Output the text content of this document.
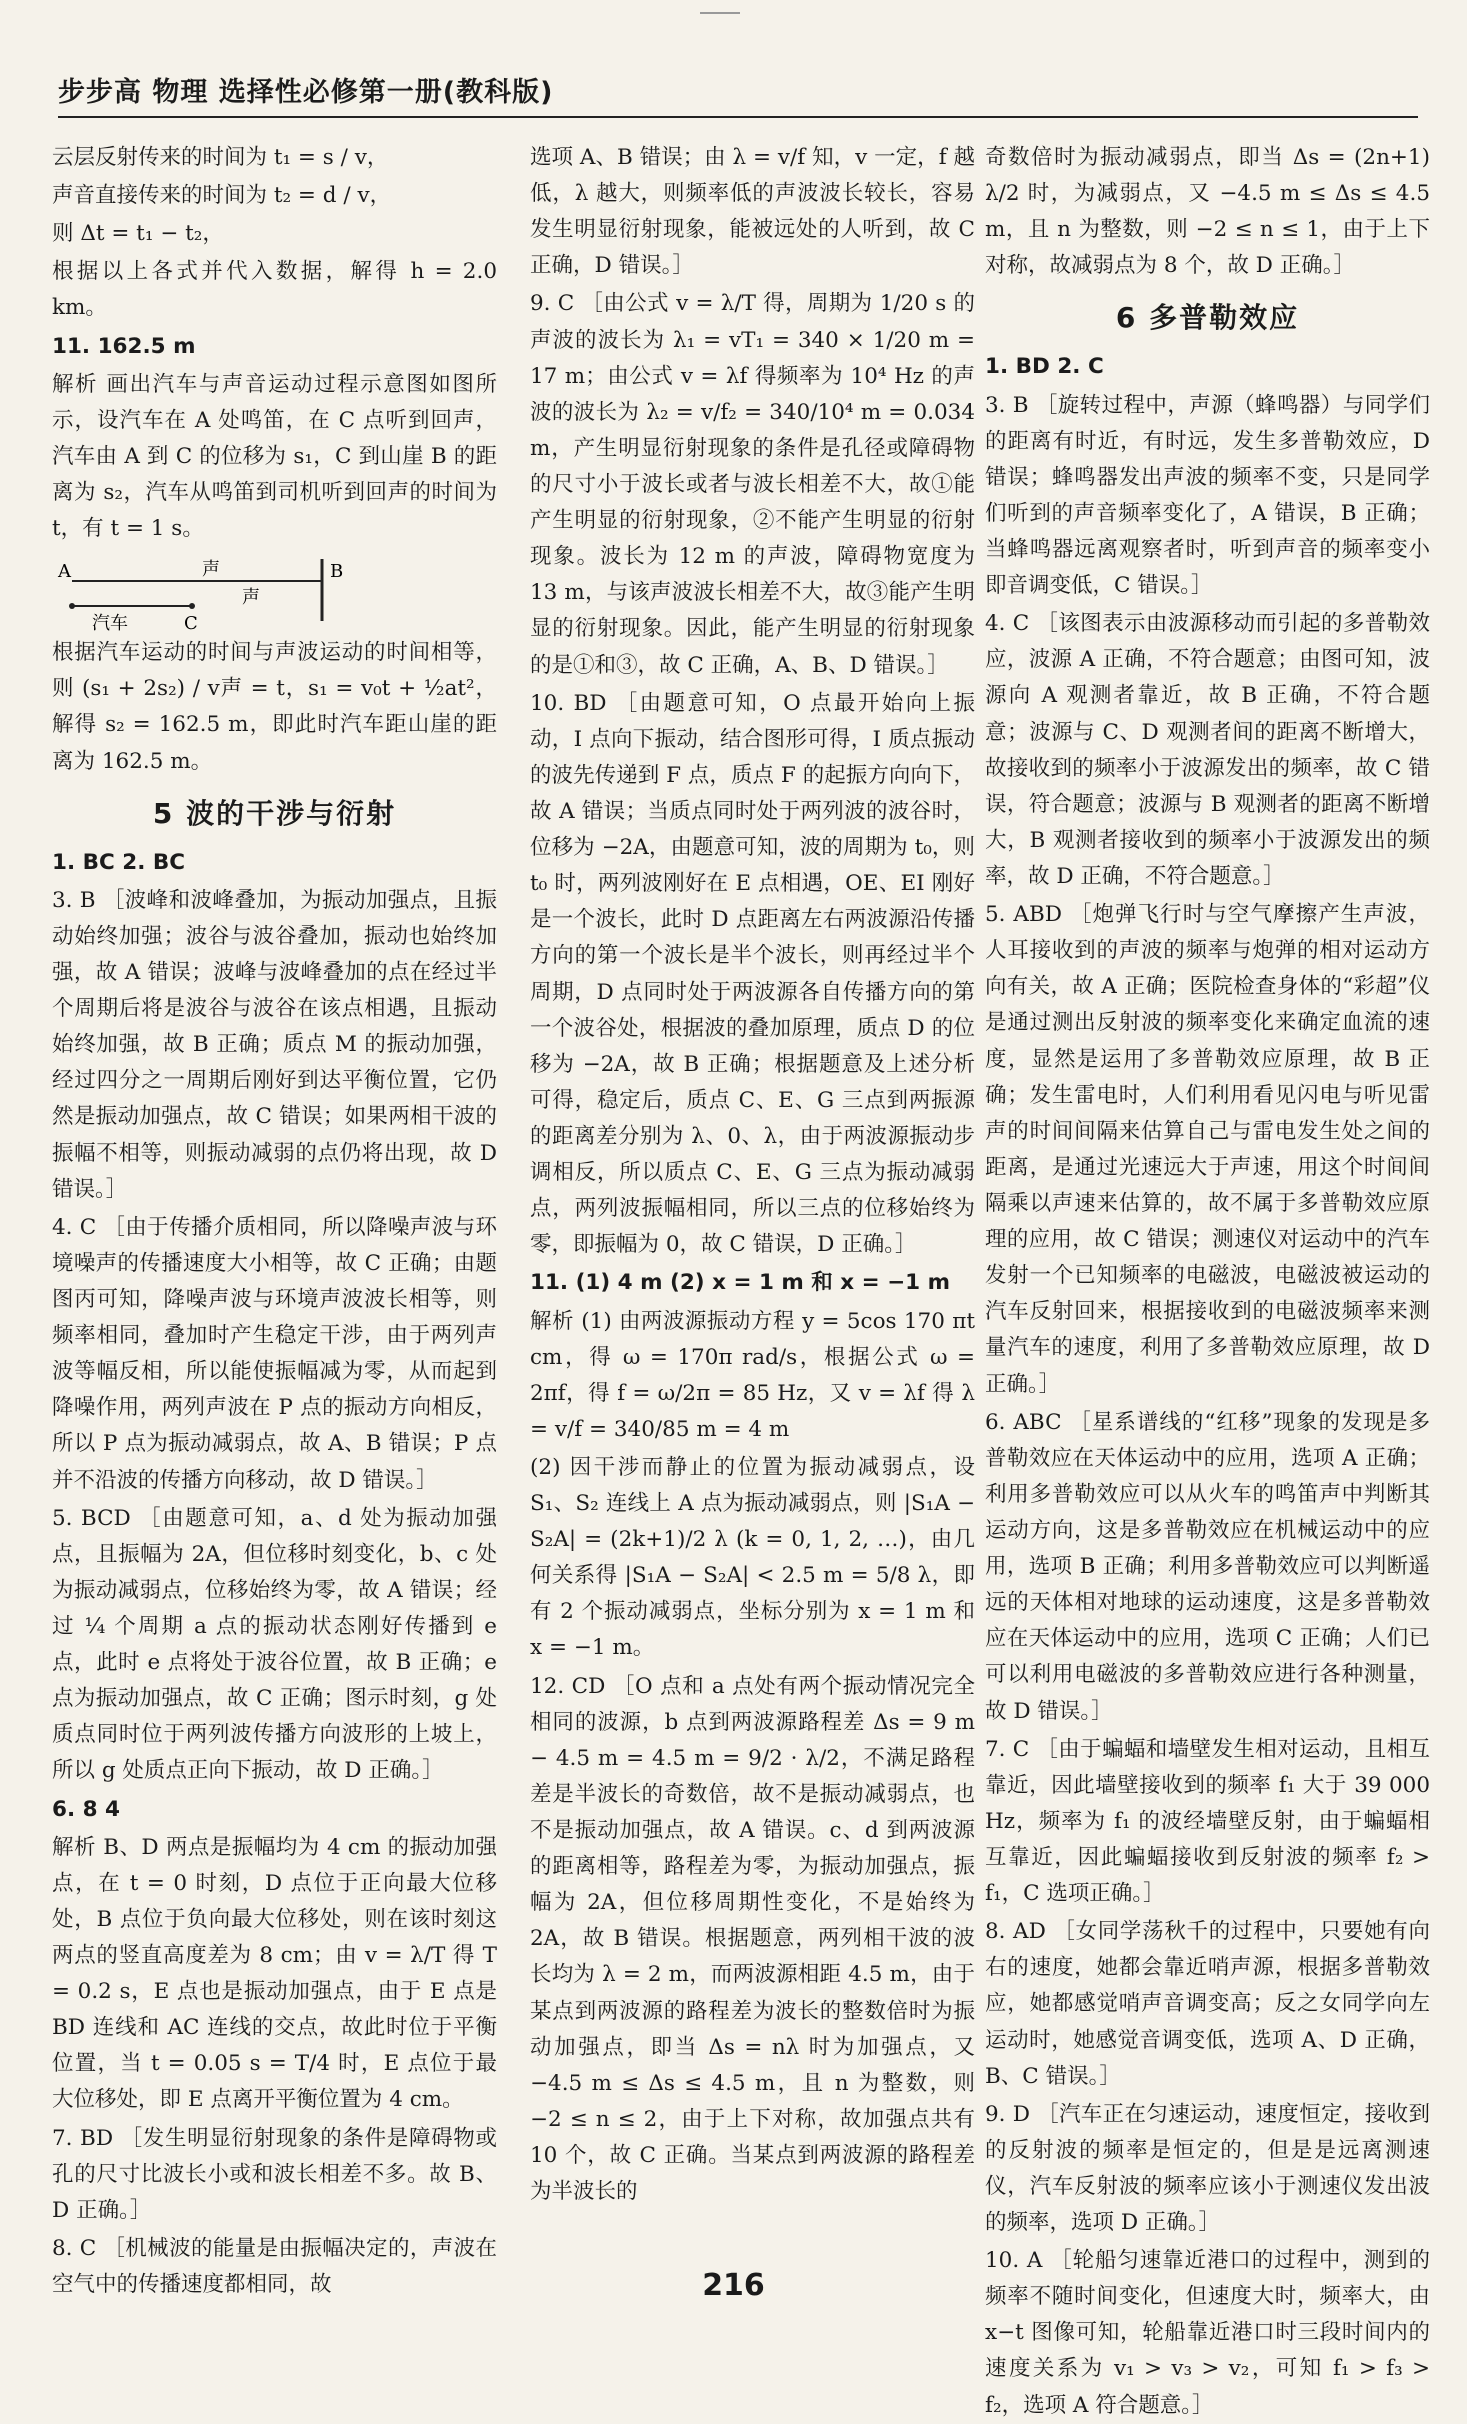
步步高 物理 选择性必修第一册(教科版)

云层反射传来的时间为 t₁ = s / v，

声音直接传来的时间为 t₂ = d / v，

则 Δt = t₁ − t₂，

根据以上各式并代入数据，解得 h = 2.0 km。

11. 162.5 m

解析 画出汽车与声音运动过程示意图如图所示，设汽车在 A 处鸣笛，在 C 点听到回声，汽车由 A 到 C 的位移为 s₁，C 到山崖 B 的距离为 s₂，汽车从鸣笛到司机听到回声的时间为 t，有 t = 1 s。

A	B
C
汽车
声
声

根据汽车运动的时间与声波运动的时间相等，则 (s₁ + 2s₂) / v声 = t，s₁ = v₀t + ½at²，解得 s₂ = 162.5 m，即此时汽车距山崖的距离为 162.5 m。

5 波的干涉与衍射

1. BC 2. BC

3. B ［波峰和波峰叠加，为振动加强点，且振动始终加强；波谷与波谷叠加，振动也始终加强，故 A 错误；波峰与波峰叠加的点在经过半个周期后将是波谷与波谷在该点相遇，且振动始终加强，故 B 正确；质点 M 的振动加强，经过四分之一周期后刚好到达平衡位置，它仍然是振动加强点，故 C 错误；如果两相干波的振幅不相等，则振动减弱的点仍将出现，故 D 错误。］

4. C ［由于传播介质相同，所以降噪声波与环境噪声的传播速度大小相等，故 C 正确；由题图丙可知，降噪声波与环境声波波长相等，则频率相同，叠加时产生稳定干涉，由于两列声波等幅反相，所以能使振幅减为零，从而起到降噪作用，两列声波在 P 点的振动方向相反，所以 P 点为振动减弱点，故 A、B 错误；P 点并不沿波的传播方向移动，故 D 错误。］

5. BCD ［由题意可知，a、d 处为振动加强点，且振幅为 2A，但位移时刻变化，b、c 处为振动减弱点，位移始终为零，故 A 错误；经过 ¼ 个周期 a 点的振动状态刚好传播到 e 点，此时 e 点将处于波谷位置，故 B 正确；e 点为振动加强点，故 C 正确；图示时刻，g 处质点同时位于两列波传播方向波形的上坡上，所以 g 处质点正向下振动，故 D 正确。］

6. 8 4

解析 B、D 两点是振幅均为 4 cm 的振动加强点，在 t = 0 时刻，D 点位于正向最大位移处，B 点位于负向最大位移处，则在该时刻这两点的竖直高度差为 8 cm；由 v = λ/T 得 T = 0.2 s，E 点也是振动加强点，由于 E 点是 BD 连线和 AC 连线的交点，故此时位于平衡位置，当 t = 0.05 s = T/4 时，E 点位于最大位移处，即 E 点离开平衡位置为 4 cm。

7. BD ［发生明显衍射现象的条件是障碍物或孔的尺寸比波长小或和波长相差不多。故 B、D 正确。］

8. C ［机械波的能量是由振幅决定的，声波在空气中的传播速度都相同，故

选项 A、B 错误；由 λ = v/f 知，v 一定，f 越低，λ 越大，则频率低的声波波长较长，容易发生明显衍射现象，能被远处的人听到，故 C 正确，D 错误。］

9. C ［由公式 v = λ/T 得，周期为 1/20 s 的声波的波长为 λ₁ = vT₁ = 340 × 1/20 m = 17 m；由公式 v = λf 得频率为 10⁴ Hz 的声波的波长为 λ₂ = v/f₂ = 340/10⁴ m = 0.034 m，产生明显衍射现象的条件是孔径或障碍物的尺寸小于波长或者与波长相差不大，故①能产生明显的衍射现象，②不能产生明显的衍射现象。波长为 12 m 的声波，障碍物宽度为 13 m，与该声波波长相差不大，故③能产生明显的衍射现象。因此，能产生明显的衍射现象的是①和③，故 C 正确，A、B、D 错误。］

10. BD ［由题意可知，O 点最开始向上振动，I 点向下振动，结合图形可得，I 质点振动的波先传递到 F 点，质点 F 的起振方向向下，故 A 错误；当质点同时处于两列波的波谷时，位移为 −2A，由题意可知，波的周期为 t₀，则 t₀ 时，两列波刚好在 E 点相遇，OE、EI 刚好是一个波长，此时 D 点距离左右两波源沿传播方向的第一个波长是半个波长，则再经过半个周期，D 点同时处于两波源各自传播方向的第一个波谷处，根据波的叠加原理，质点 D 的位移为 −2A，故 B 正确；根据题意及上述分析可得，稳定后，质点 C、E、G 三点到两振源的距离差分别为 λ、0、λ，由于两波源振动步调相反，所以质点 C、E、G 三点为振动减弱点，两列波振幅相同，所以三点的位移始终为零，即振幅为 0，故 C 错误，D 正确。］

11. (1) 4 m (2) x = 1 m 和 x = −1 m

解析 (1) 由两波源振动方程 y = 5cos 170 πt cm，得 ω = 170π rad/s，根据公式 ω = 2πf，得 f = ω/2π = 85 Hz，又 v = λf 得 λ = v/f = 340/85 m = 4 m

(2) 因干涉而静止的位置为振动减弱点，设 S₁、S₂ 连线上 A 点为振动减弱点，则 |S₁A − S₂A| = (2k+1)/2 λ (k = 0, 1, 2, …)，由几何关系得 |S₁A − S₂A| < 2.5 m = 5/8 λ，即有 2 个振动减弱点，坐标分别为 x = 1 m 和 x = −1 m。

12. CD ［O 点和 a 点处有两个振动情况完全相同的波源，b 点到两波源路程差 Δs = 9 m − 4.5 m = 4.5 m = 9/2 · λ/2，不满足路程差是半波长的奇数倍，故不是振动减弱点，也不是振动加强点，故 A 错误。c、d 到两波源的距离相等，路程差为零，为振动加强点，振幅为 2A，但位移周期性变化，不是始终为 2A，故 B 错误。根据题意，两列相干波的波长均为 λ = 2 m，而两波源相距 4.5 m，由于某点到两波源的路程差为波长的整数倍时为振动加强点，即当 Δs = nλ 时为加强点，又 −4.5 m ≤ Δs ≤ 4.5 m，且 n 为整数，则 −2 ≤ n ≤ 2，由于上下对称，故加强点共有 10 个，故 C 正确。当某点到两波源的路程差为半波长的

奇数倍时为振动减弱点，即当 Δs = (2n+1) λ/2 时，为减弱点，又 −4.5 m ≤ Δs ≤ 4.5 m，且 n 为整数，则 −2 ≤ n ≤ 1，由于上下对称，故减弱点为 8 个，故 D 正确。］

6 多普勒效应

1. BD 2. C

3. B ［旋转过程中，声源（蜂鸣器）与同学们的距离有时近，有时远，发生多普勒效应，D 错误；蜂鸣器发出声波的频率不变，只是同学们听到的声音频率变化了，A 错误，B 正确；当蜂鸣器远离观察者时，听到声音的频率变小即音调变低，C 错误。］

4. C ［该图表示由波源移动而引起的多普勒效应，波源 A 正确，不符合题意；由图可知，波源向 A 观测者靠近，故 B 正确，不符合题意；波源与 C、D 观测者间的距离不断增大，故接收到的频率小于波源发出的频率，故 C 错误，符合题意；波源与 B 观测者的距离不断增大，B 观测者接收到的频率小于波源发出的频率，故 D 正确，不符合题意。］

5. ABD ［炮弹飞行时与空气摩擦产生声波，人耳接收到的声波的频率与炮弹的相对运动方向有关，故 A 正确；医院检查身体的“彩超”仪是通过测出反射波的频率变化来确定血流的速度，显然是运用了多普勒效应原理，故 B 正确；发生雷电时，人们利用看见闪电与听见雷声的时间间隔来估算自己与雷电发生处之间的距离，是通过光速远大于声速，用这个时间间隔乘以声速来估算的，故不属于多普勒效应原理的应用，故 C 错误；测速仪对运动中的汽车发射一个已知频率的电磁波，电磁波被运动的汽车反射回来，根据接收到的电磁波频率来测量汽车的速度，利用了多普勒效应原理，故 D 正确。］

6. ABC ［星系谱线的“红移”现象的发现是多普勒效应在天体运动中的应用，选项 A 正确；利用多普勒效应可以从火车的鸣笛声中判断其运动方向，这是多普勒效应在机械运动中的应用，选项 B 正确；利用多普勒效应可以判断遥远的天体相对地球的运动速度，这是多普勒效应在天体运动中的应用，选项 C 正确；人们已可以利用电磁波的多普勒效应进行各种测量，故 D 错误。］

7. C ［由于蝙蝠和墙壁发生相对运动，且相互靠近，因此墙壁接收到的频率 f₁ 大于 39 000 Hz，频率为 f₁ 的波经墙壁反射，由于蝙蝠相互靠近，因此蝙蝠接收到反射波的频率 f₂ > f₁，C 选项正确。］

8. AD ［女同学荡秋千的过程中，只要她有向右的速度，她都会靠近哨声源，根据多普勒效应，她都感觉哨声音调变高；反之女同学向左运动时，她感觉音调变低，选项 A、D 正确，B、C 错误。］

9. D ［汽车正在匀速运动，速度恒定，接收到的反射波的频率是恒定的，但是是远离测速仪，汽车反射波的频率应该小于测速仪发出波的频率，选项 D 正确。］

10. A ［轮船匀速靠近港口的过程中，测到的频率不随时间变化，但速度大时，频率大，由 x−t 图像可知，轮船靠近港口时三段时间内的速度关系为 v₁ > v₃ > v₂，可知 f₁ > f₃ > f₂，选项 A 符合题意。］

216
